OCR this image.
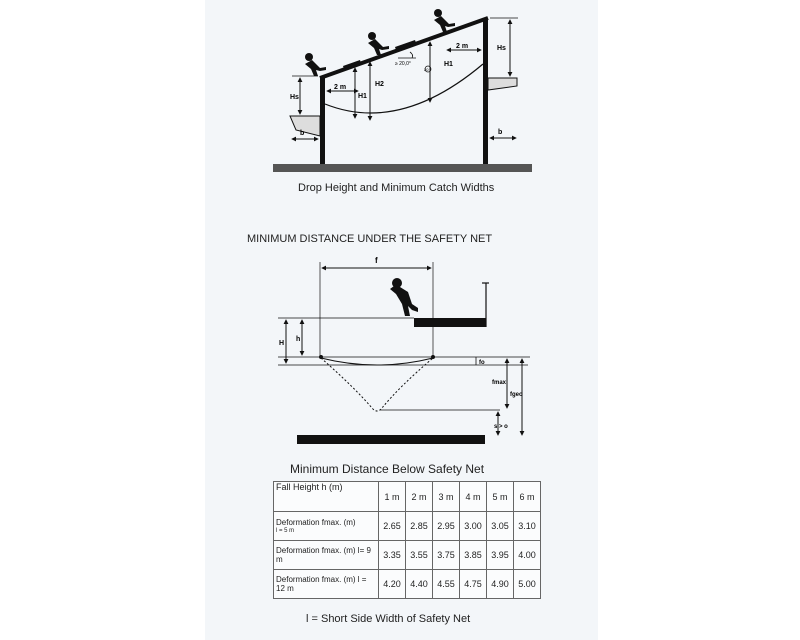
Hs
b
2 m
H1
H2
≥ 20,0°
20
H1
2 m	Hs
b
Drop Height and Minimum Catch Widths
MINIMUM DISTANCE UNDER THE SAFETY NET
f
H
h
fo
fmax
fgeo
s > o
Minimum Distance Below Safety Net
Fall Height h (m)	1 m	2 m	3 m	4 m	5 m	6 m
Deformation fmax. (m)
l = 5 m	2.65	2.85	2.95	3.00	3.05	3.10
Deformation fmax. (m) l= 9 m	3.35	3.55	3.75	3.85	3.95	4.00
Deformation fmax. (m) l = 12 m	4.20	4.40	4.55	4.75	4.90	5.00
l = Short Side Width of Safety Net
